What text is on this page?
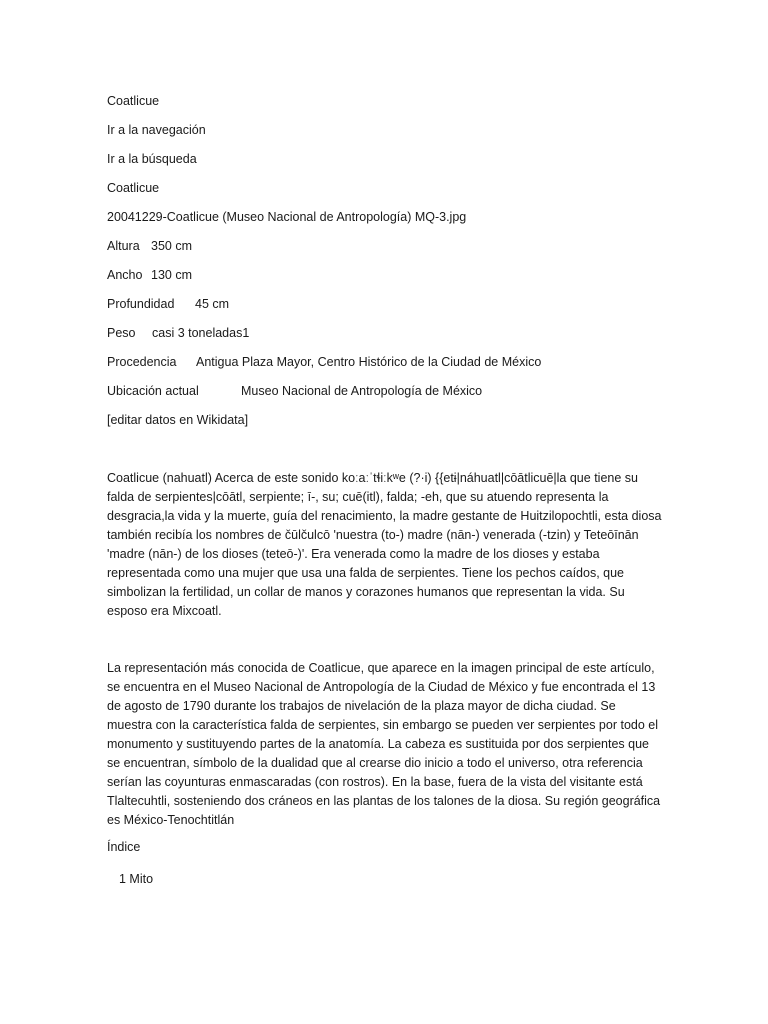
Coatlicue
Ir a la navegación
Ir a la búsqueda
Coatlicue
20041229-Coatlicue (Museo Nacional de Antropología) MQ-3.jpg
Altura 350 cm
Ancho 130 cm
Profundidad 45 cm
Peso casi 3 toneladas1
Procedencia Antigua Plaza Mayor, Centro Histórico de la Ciudad de México
Ubicación actual	Museo Nacional de Antropología de México
[editar datos en Wikidata]
Coatlicue (nahuatl) Acerca de este sonido koːaːˈtɬiːkʷe (?·i) {{etɨ|náhuatl|cōātlicuē|la que tiene su falda de serpientes|cōātl, serpiente; ī-, su; cuē(itl), falda; -eh, que su atuendo representa la desgracia,la vida y la muerte, guía del renacimiento, la madre gestante de Huitzilopochtli, esta diosa también recibía los nombres de čūlčulcō 'nuestra (to-) madre (nān-) venerada (-tzin) y Teteōīnān 'madre (nān-) de los dioses (teteō-)'. Era venerada como la madre de los dioses y estaba representada como una mujer que usa una falda de serpientes. Tiene los pechos caídos, que simbolizan la fertilidad, un collar de manos y corazones humanos que representan la vida. Su esposo era Mixcoatl.
La representación más conocida de Coatlicue, que aparece en la imagen principal de este artículo, se encuentra en el Museo Nacional de Antropología de la Ciudad de México y fue encontrada el 13 de agosto de 1790 durante los trabajos de nivelación de la plaza mayor de dicha ciudad. Se muestra con la característica falda de serpientes, sin embargo se pueden ver serpientes por todo el monumento y sustituyendo partes de la anatomía. La cabeza es sustituida por dos serpientes que se encuentran, símbolo de la dualidad que al crearse dio inicio a todo el universo, otra referencia serían las coyunturas enmascaradas (con rostros). En la base, fuera de la vista del visitante está Tlaltecuhtli, sosteniendo dos cráneos en las plantas de los talones de la diosa. Su región geográfica es México-Tenochtitlán
Índice
1 Mito
